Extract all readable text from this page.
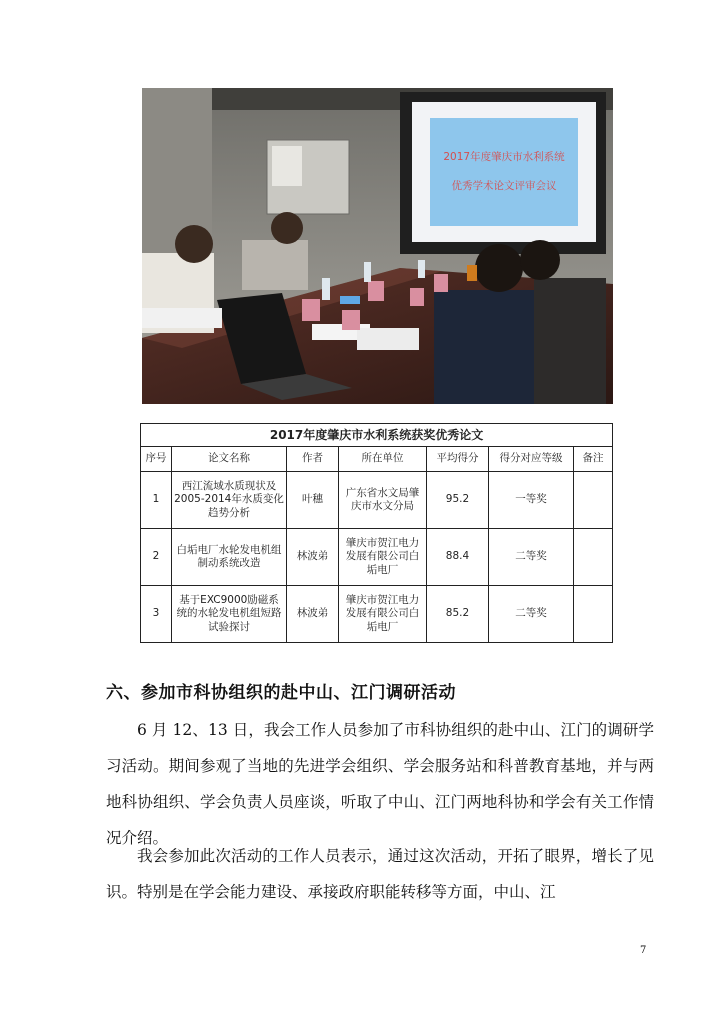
2017年度肇庆市水利系统
优秀学术论文评审会议
2017年度肇庆市水利系统获奖优秀论文						
序号	论文名称	作者	所在单位	平均得分	得分对应等级	备注
1	西江流域水质现状及2005-2014年水质变化趋势分析	叶穗	广东省水文局肇庆市水文分局	95.2	一等奖	
2	白垢电厂水轮发电机组制动系统改造	林波弟	肇庆市贺江电力发展有限公司白垢电厂	88.4	二等奖	
3	基于EXC9000励磁系统的水轮发电机组短路试验探讨	林波弟	肇庆市贺江电力发展有限公司白垢电厂	85.2	二等奖	
六、参加市科协组织的赴中山、江门调研活动

6 月 12、13 日，我会工作人员参加了市科协组织的赴中山、江门的调研学习活动。期间参观了当地的先进学会组织、学会服务站和科普教育基地，并与两地科协组织、学会负责人员座谈，听取了中山、江门两地科协和学会有关工作情况介绍。

我会参加此次活动的工作人员表示，通过这次活动，开拓了眼界，增长了见识。特别是在学会能力建设、承接政府职能转移等方面，中山、江

7
